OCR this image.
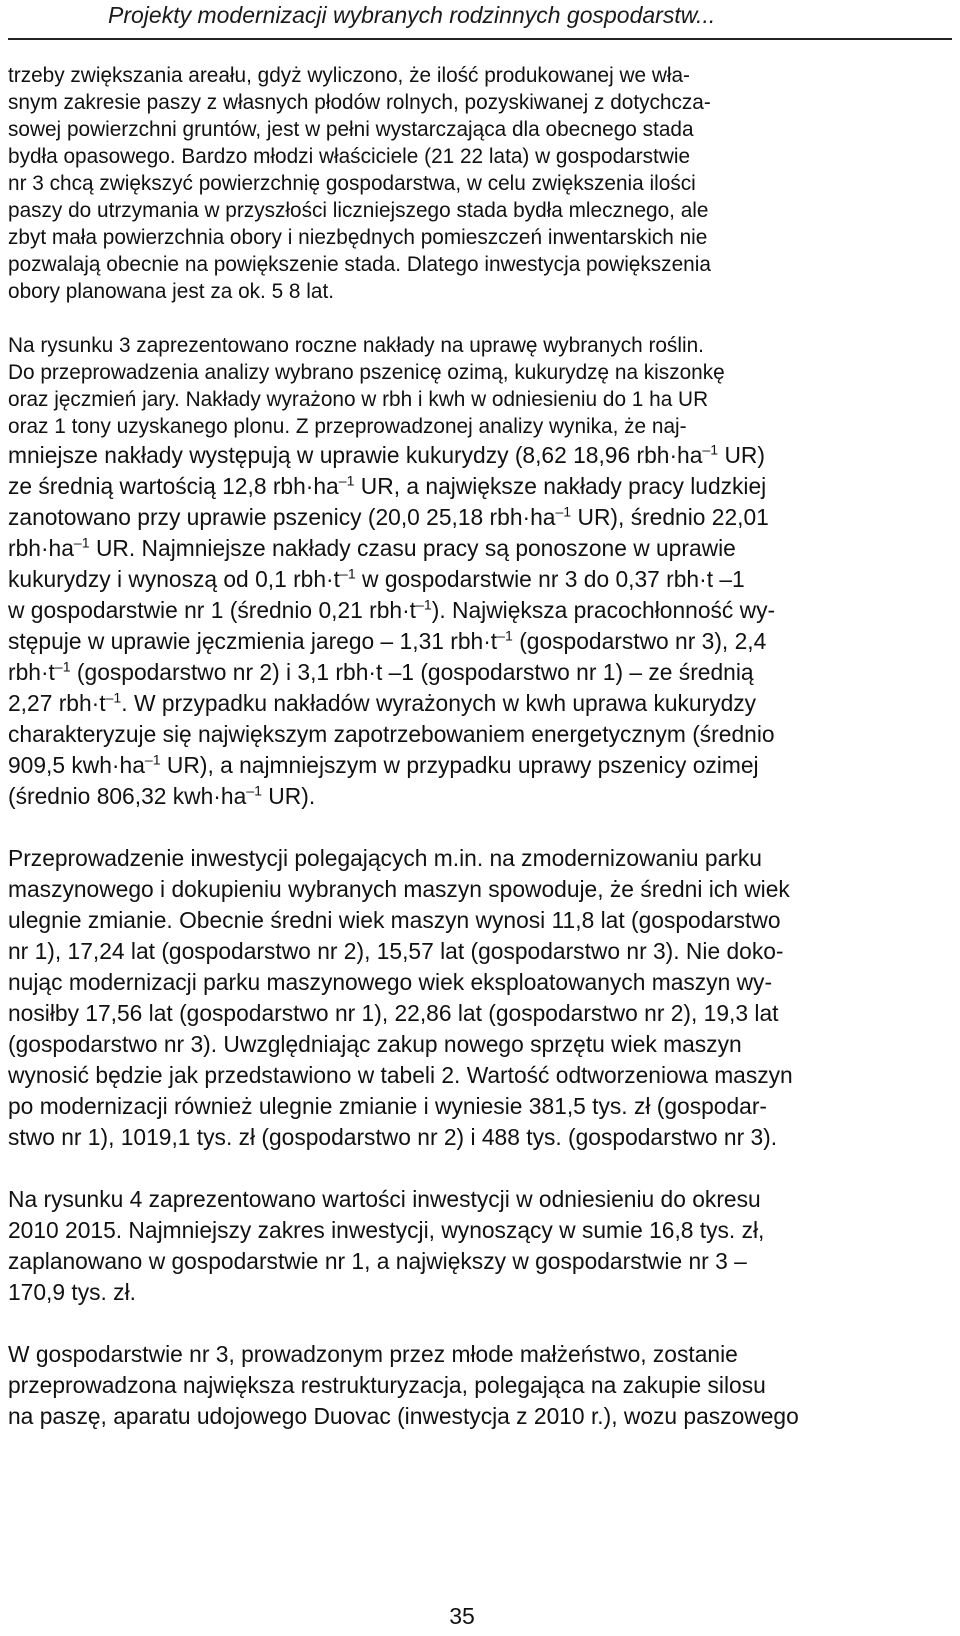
Projekty modernizacji wybranych rodzinnych gospodarstw...
trzeby zwiększania areału, gdyż wyliczono, że ilość produkowanej we wła-
snym zakresie paszy z własnych płodów rolnych, pozyskiwanej z dotychcza-
sowej powierzchni gruntów, jest w pełni wystarczająca dla obecnego stada
bydła opasowego. Bardzo młodzi właściciele (21 22 lata) w gospodarstwie
nr 3 chcą zwiększyć powierzchnię gospodarstwa, w celu zwiększenia ilości
paszy do utrzymania w przyszłości liczniejszego stada bydła mlecznego, ale
zbyt mała powierzchnia obory i niezbędnych pomieszczeń inwentarskich nie
pozwalają obecnie na powiększenie stada. Dlatego inwestycja powiększenia
obory planowana jest za ok. 5 8 lat.
Na rysunku 3 zaprezentowano roczne nakłady na uprawę wybranych roślin.
Do przeprowadzenia analizy wybrano pszenicę ozimą, kukurydzę na kiszonkę
oraz jęczmień jary. Nakłady wyrażono w rbh i kwh w odniesieniu do 1 ha UR
oraz 1 tony uzyskanego plonu. Z przeprowadzonej analizy wynika, że naj-
mniejsze nakłady występują w uprawie kukurydzy (8,62 18,96 $rbh\cdot ha^{-1}$ UR)
ze średnią wartością 12,8 $rbh\cdot ha^{-1}$ UR, a największe nakłady pracy ludzkiej
zanotowano przy uprawie pszenicy (20,0 25,18 $rbh\cdot ha^{-1}$ UR), średnio 22,01
$rbh\cdot ha^{-1}$ UR. Najmniejsze nakłady czasu pracy są ponoszone w uprawie
kukurydzy i wynoszą od 0,1 $rbh\cdot t^{-1}$ w gospodarstwie nr 3 do 0,37 rbh·t –1
w gospodarstwie nr 1 (średnio 0,21 $rbh\cdot t^{-1}$). Największa pracochłonność wy-
stępuje w uprawie jęczmienia jarego – 1,31 $rbh\cdot t^{-1}$ (gospodarstwo nr 3), 2,4
$rbh\cdot t^{-1}$ (gospodarstwo nr 2) i 3,1 rbh·t –1 (gospodarstwo nr 1) – ze średnią
2,27 $rbh\cdot t^{-1}$. W przypadku nakładów wyrażonych w kwh uprawa kukurydzy
charakteryzuje się największym zapotrzebowaniem energetycznym (średnio
909,5 $kwh\cdot ha^{-1}$ UR), a najmniejszym w przypadku uprawy pszenicy ozimej
(średnio 806,32 $kwh\cdot ha^{-1}$ UR).
Przeprowadzenie inwestycji polegających m.in. na zmodernizowaniu parku
maszynowego i dokupieniu wybranych maszyn spowoduje, że średni ich wiek
ulegnie zmianie. Obecnie średni wiek maszyn wynosi 11,8 lat (gospodarstwo
nr 1), 17,24 lat (gospodarstwo nr 2), 15,57 lat (gospodarstwo nr 3). Nie doko-
nując modernizacji parku maszynowego wiek eksploatowanych maszyn wy-
nosiłby 17,56 lat (gospodarstwo nr 1), 22,86 lat (gospodarstwo nr 2), 19,3 lat
(gospodarstwo nr 3). Uwzględniając zakup nowego sprzętu wiek maszyn
wynosić będzie jak przedstawiono w tabeli 2. Wartość odtworzeniowa maszyn
po modernizacji również ulegnie zmianie i wyniesie 381,5 tys. zł (gospodar-
stwo nr 1), 1019,1 tys. zł (gospodarstwo nr 2) i 488 tys. (gospodarstwo nr 3).
Na rysunku 4 zaprezentowano wartości inwestycji w odniesieniu do okresu
2010 2015. Najmniejszy zakres inwestycji, wynoszący w sumie 16,8 tys. zł,
zaplanowano w gospodarstwie nr 1, a największy w gospodarstwie nr 3 –
170,9 tys. zł.
W gospodarstwie nr 3, prowadzonym przez młode małżeństwo, zostanie
przeprowadzona największa restrukturyzacja, polegająca na zakupie silosu
na paszę, aparatu udojowego Duovac (inwestycja z 2010 r.), wozu paszowego
35
